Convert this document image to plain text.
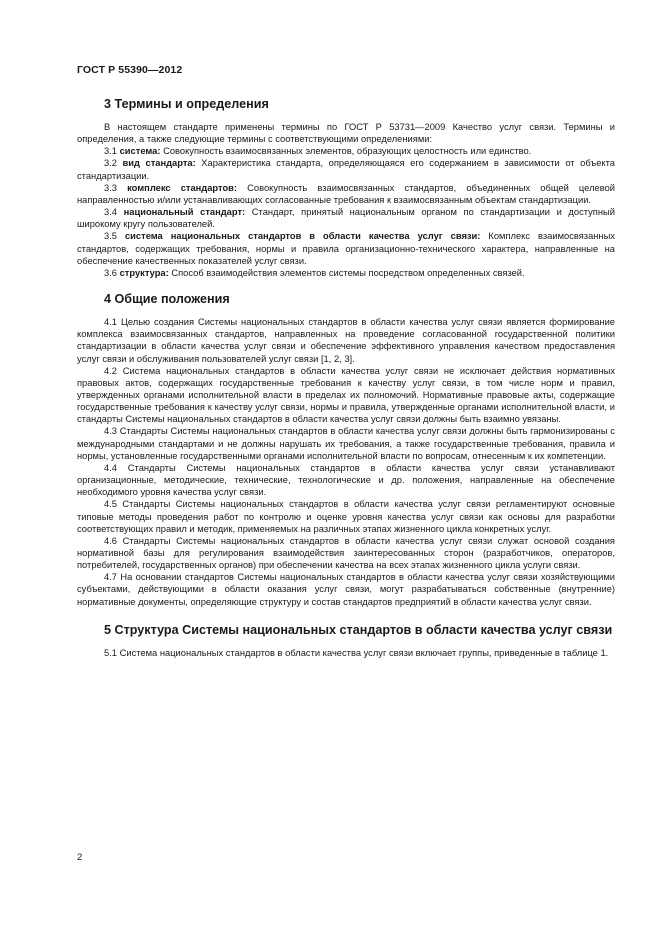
ГОСТ Р 55390—2012
3 Термины и определения

В настоящем стандарте применены термины по ГОСТ Р 53731—2009 Качество услуг связи. Термины и определения, а также следующие термины с соответствующими определениями:

3.1 система: Совокупность взаимосвязанных элементов, образующих целостность или единство.

3.2 вид стандарта: Характеристика стандарта, определяющаяся его содержанием в зависимости от объекта стандартизации.

3.3 комплекс стандартов: Совокупность взаимосвязанных стандартов, объединенных общей целевой направленностью и/или устанавливающих согласованные требования к взаимосвязанным объектам стандартизации.

3.4 национальный стандарт: Стандарт, принятый национальным органом по стандартизации и доступный широкому кругу пользователей.

3.5 система национальных стандартов в области качества услуг связи: Комплекс взаимосвязанных стандартов, содержащих требования, нормы и правила организационно-технического характера, направленные на обеспечение качественных показателей услуг связи.

3.6 структура: Способ взаимодействия элементов системы посредством определенных связей.

4 Общие положения

4.1 Целью создания Системы национальных стандартов в области качества услуг связи является формирование комплекса взаимосвязанных стандартов, направленных на проведение согласованной государственной политики стандартизации в области качества услуг связи и обеспечение эффективного управления качеством предоставления услуг связи и обслуживания пользователей услуг связи [1, 2, 3].

4.2 Система национальных стандартов в области качества услуг связи не исключает действия нормативных правовых актов, содержащих государственные требования к качеству услуг связи, в том числе норм и правил, утвержденных органами исполнительной власти в пределах их полномочий. Нормативные правовые акты, содержащие государственные требования к качеству услуг связи, нормы и правила, утвержденные органами исполнительной власти, и стандарты Системы национальных стандартов в области качества услуг связи должны быть взаимно увязаны.

4.3 Стандарты Системы национальных стандартов в области качества услуг связи должны быть гармонизированы с международными стандартами и не должны нарушать их требования, а также государственные требования, правила и нормы, установленные государственными органами исполнительной власти по вопросам, отнесенным к их компетенции.

4.4 Стандарты Системы национальных стандартов в области качества услуг связи устанавливают организационные, методические, технические, технологические и др. положения, направленные на обеспечение необходимого уровня качества услуг связи.

4.5 Стандарты Системы национальных стандартов в области качества услуг связи регламентируют основные типовые методы проведения работ по контролю и оценке уровня качества услуг связи как основы для разработки соответствующих правил и методик, применяемых на различных этапах жизненного цикла конкретных услуг.

4.6 Стандарты Системы национальных стандартов в области качества услуг связи служат основой создания нормативной базы для регулирования взаимодействия заинтересованных сторон (разработчиков, операторов, потребителей, государственных органов) при обеспечении качества на всех этапах жизненного цикла услуги связи.

4.7 На основании стандартов Системы национальных стандартов в области качества услуг связи хозяйствующими субъектами, действующими в области оказания услуг связи, могут разрабатываться собственные (внутренние) нормативные документы, определяющие структуру и состав стандартов предприятий в области качества услуг связи.

5 Структура Системы национальных стандартов в области качества услуг связи

5.1 Система национальных стандартов в области качества услуг связи включает группы, приведенные в таблице 1.

2
